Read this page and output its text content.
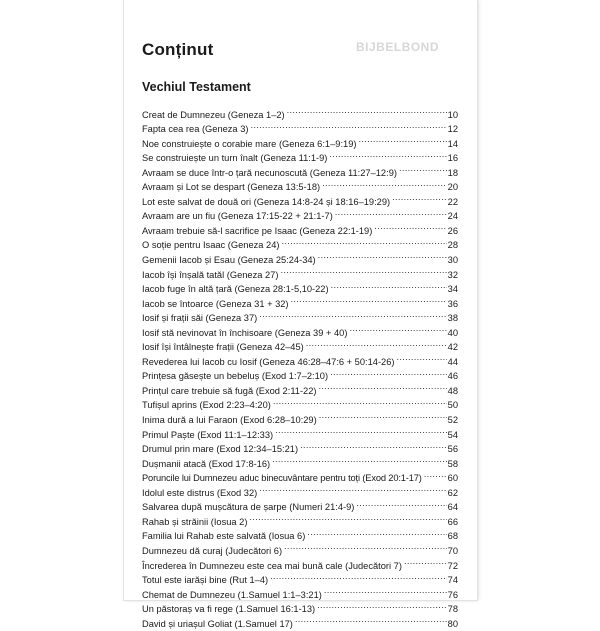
Conținut	BIJBELBOND
Vechiul Testament
Creat de Dumnezeu (Geneza 1–2) .....	10
Fapta cea rea (Geneza 3) .....	12
Noe construiește o corabie mare (Geneza 6:1–9:19) .....	14
Se construiește un turn înalt (Geneza 11:1-9) .....	16
Avraam se duce într-o țară necunoscută (Geneza 11:27–12:9) .....	18
Avraam și Lot se despart (Geneza 13:5-18) .....	20
Lot este salvat de două ori (Geneza 14:8-24 și 18:16–19:29) .....	22
Avraam are un fiu (Geneza 17:15-22 + 21:1-7) .....	24
Avraam trebuie să-l sacrifice pe Isaac (Geneza 22:1-19) .....	26
O soție pentru Isaac (Geneza 24) .....	28
Gemenii Iacob și Esau (Geneza 25:24-34) .....	30
Iacob își înșală tatăl (Geneza 27) .....	32
Iacob fuge în altă țară (Geneza 28:1-5,10-22) .....	34
Iacob se întoarce (Geneza 31 + 32) .....	36
Iosif și frații săi (Geneza 37) .....	38
Iosif stă nevinovat în închisoare (Geneza 39 + 40) .....	40
Iosif își întâlnește frații (Geneza 42–45) .....	42
Revederea lui Iacob cu Iosif (Geneza 46:28–47:6 + 50:14-26) .....	44
Prințesa găsește un bebeluș (Exod 1:7–2:10) .....	46
Prințul care trebuie să fugă (Exod 2:11-22) .....	48
Tufișul aprins (Exod 2:23–4:20) .....	50
Inima dură a lui Faraon (Exod 6:28–10:29) .....	52
Primul Paște (Exod 11:1–12:33) .....	54
Drumul prin mare (Exod 12:34–15:21) .....	56
Dușmanii atacă (Exod 17:8-16) .....	58
Poruncile lui Dumnezeu aduc binecuvântare pentru toți (Exod 20:1-17) .....	60
Idolul este distrus (Exod 32) .....	62
Salvarea după mușcătura de șarpe (Numeri 21:4-9) .....	64
Rahab și străinii (Iosua 2) .....	66
Familia lui Rahab este salvată (Iosua 6) .....	68
Dumnezeu dă curaj (Judecători 6) .....	70
Încrederea în Dumnezeu este cea mai bună cale (Judecători 7) .....	72
Totul este iarăși bine (Rut 1–4) .....	74
Chemat de Dumnezeu (1.Samuel 1:1–3:21) .....	76
Un păstoraș va fi rege (1.Samuel 16:1-13) .....	78
David și uriașul Goliat (1.Samuel 17) .....	80
